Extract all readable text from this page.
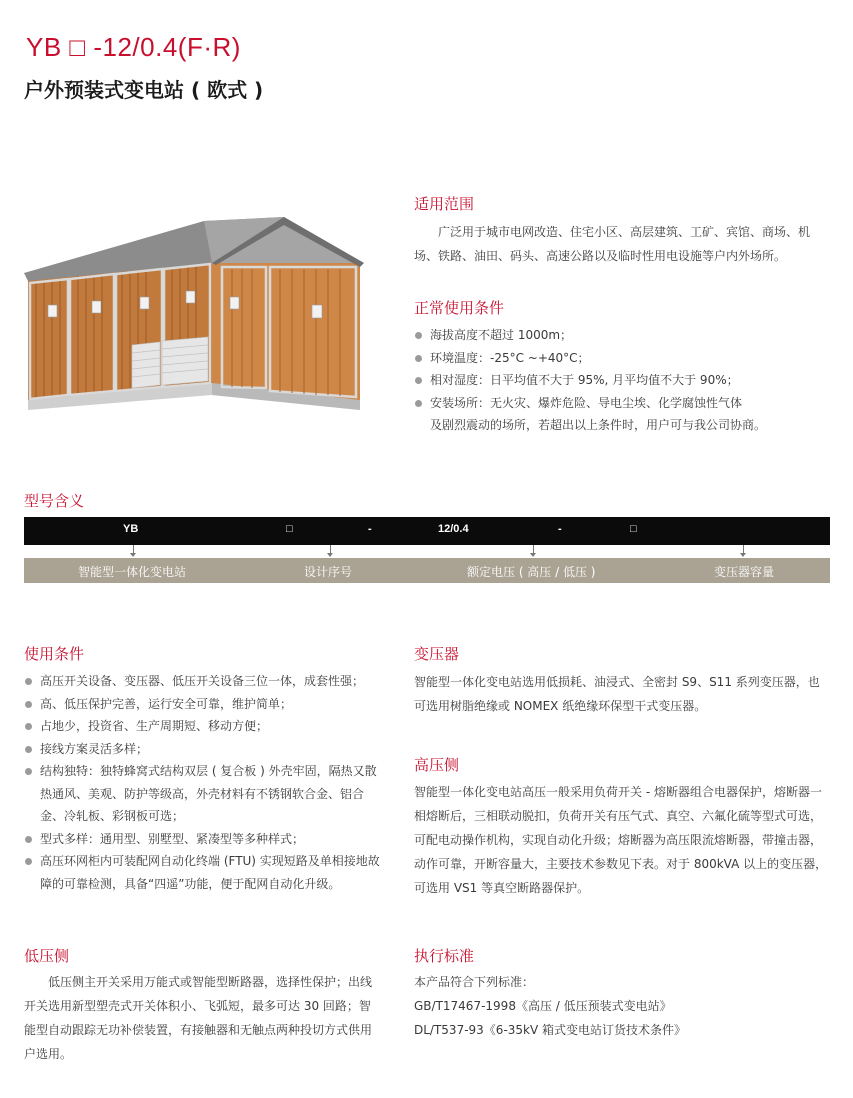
YB □ -12/0.4(F·R)
户外预装式变电站 ( 欧式 )
适用范围

广泛用于城市电网改造、住宅小区、高层建筑、工矿、宾馆、商场、机场、铁路、油田、码头、高速公路以及临时性用电设施等户内外场所。

正常使用条件
海拔高度不超过 1000m；
环境温度：-25°C ~+40°C；
相对湿度：日平均值不大于 95%, 月平均值不大于 90%；
安装场所：无火灾、爆炸危险、导电尘埃、化学腐蚀性气体

及剧烈震动的场所，若超出以上条件时，用户可与我公司协商。

型号含义
YB	□	-	12/0.4	-	□
智能型一体化变电站	设计序号	额定电压 ( 高压 / 低压 )	变压器容量
使用条件
高压开关设备、变压器、低压开关设备三位一体，成套性强；
高、低压保护完善，运行安全可靠，维护简单；
占地少，投资省、生产周期短、移动方便；
接线方案灵活多样；
结构独特：独特蜂窝式结构双层 ( 复合板 ) 外壳牢固，隔热又散热通风、美观、防护等级高，外壳材料有不锈钢软合金、铝合金、冷轧板、彩钢板可选；
型式多样：通用型、别墅型、紧凑型等多种样式；
高压环网柜内可装配网自动化终端 (FTU) 实现短路及单相接地故障的可靠检测，具备“四遥”功能，便于配网自动化升级。
变压器

智能型一体化变电站选用低损耗、油浸式、全密封 S9、S11 系列变压器，也可选用树脂绝缘或 NOMEX 纸绝缘环保型干式变压器。

高压侧

智能型一体化变电站高压一般采用负荷开关 - 熔断器组合电器保护，熔断器一相熔断后，三相联动脱扣，负荷开关有压气式、真空、六氟化硫等型式可选，可配电动操作机构，实现自动化升级；熔断器为高压限流熔断器，带撞击器，动作可靠，开断容量大，主要技术参数见下表。对于 800kVA 以上的变压器，可选用 VS1 等真空断路器保护。

低压侧

低压侧主开关采用万能式或智能型断路器，选择性保护；出线开关选用新型塑壳式开关体积小、飞弧短，最多可达 30 回路；智能型自动跟踪无功补偿装置，有接触器和无触点两种投切方式供用户选用。

执行标准

本产品符合下列标准：

GB/T17467-1998《高压 / 低压预装式变电站》

DL/T537-93《6-35kV 箱式变电站订货技术条件》
